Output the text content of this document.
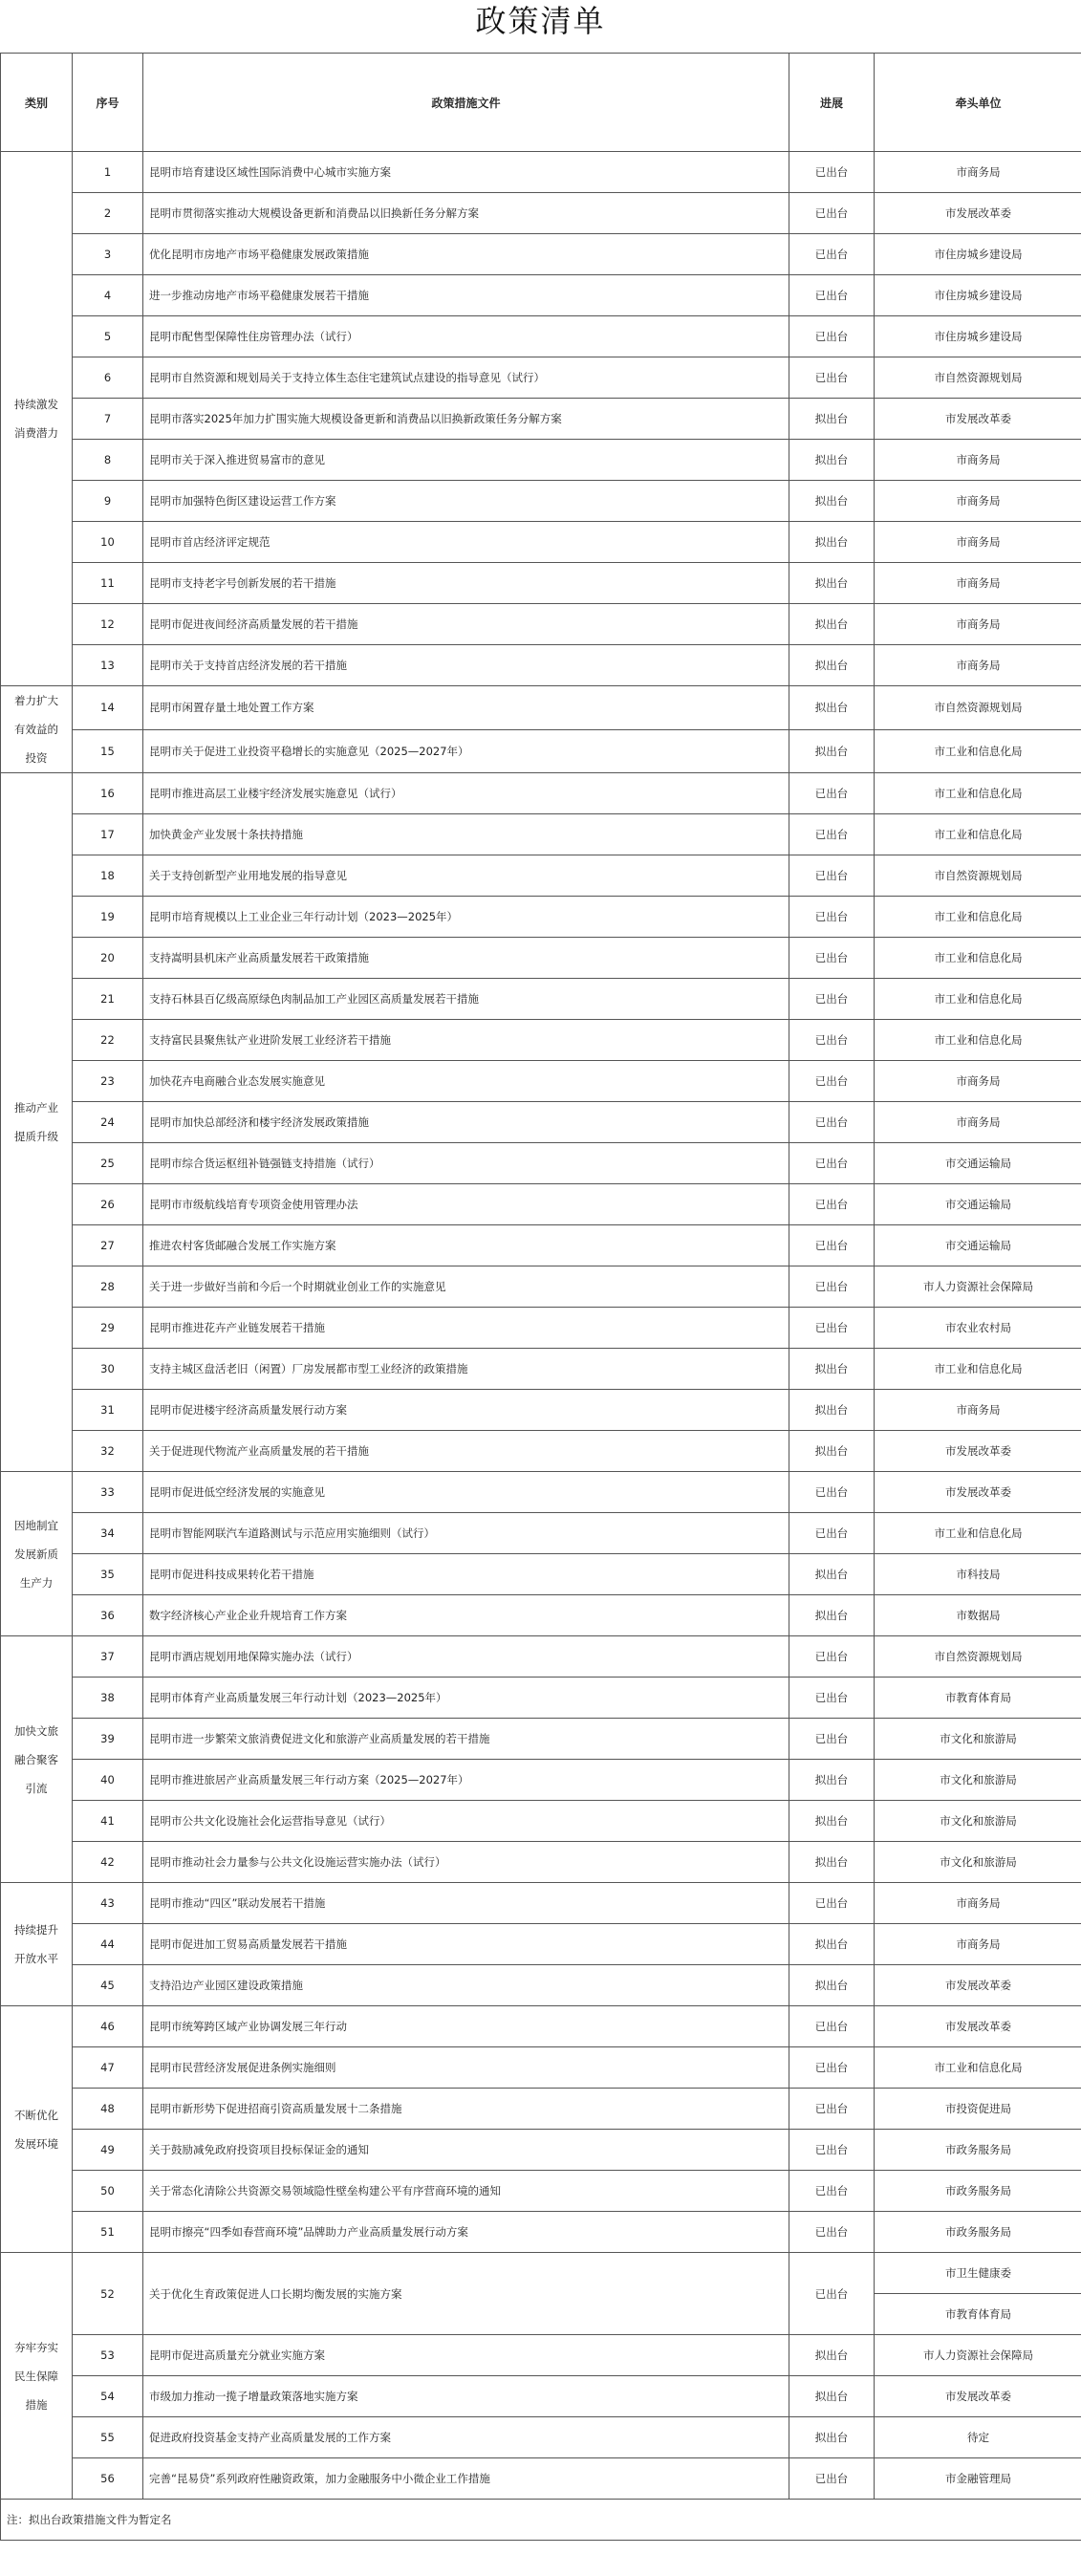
政策清单
类别	序号	政策措施文件	进展	牵头单位	
持续激发
消费潜力	1	昆明市培育建设区域性国际消费中心城市实施方案	已出台	市商务局	
	2	昆明市贯彻落实推动大规模设备更新和消费品以旧换新任务分解方案	已出台	市发展改革委	
	3	优化昆明市房地产市场平稳健康发展政策措施	已出台	市住房城乡建设局	
	4	进一步推动房地产市场平稳健康发展若干措施	已出台	市住房城乡建设局	
	5	昆明市配售型保障性住房管理办法（试行）	已出台	市住房城乡建设局	
	6	昆明市自然资源和规划局关于支持立体生态住宅建筑试点建设的指导意见（试行）	已出台	市自然资源规划局	
	7	昆明市落实2025年加力扩围实施大规模设备更新和消费品以旧换新政策任务分解方案	拟出台	市发展改革委	
	8	昆明市关于深入推进贸易富市的意见	拟出台	市商务局	
	9	昆明市加强特色街区建设运营工作方案	拟出台	市商务局	
	10	昆明市首店经济评定规范	拟出台	市商务局	
	11	昆明市支持老字号创新发展的若干措施	拟出台	市商务局	
	12	昆明市促进夜间经济高质量发展的若干措施	拟出台	市商务局	
	13	昆明市关于支持首店经济发展的若干措施	拟出台	市商务局	
着力扩大
有效益的
投资	14	昆明市闲置存量土地处置工作方案	拟出台	市自然资源规划局	
	15	昆明市关于促进工业投资平稳增长的实施意见（2025—2027年）	拟出台	市工业和信息化局	
推动产业
提质升级	16	昆明市推进高层工业楼宇经济发展实施意见（试行）	已出台	市工业和信息化局	
	17	加快黄金产业发展十条扶持措施	已出台	市工业和信息化局	
	18	关于支持创新型产业用地发展的指导意见	已出台	市自然资源规划局	
	19	昆明市培育规模以上工业企业三年行动计划（2023—2025年）	已出台	市工业和信息化局	
	20	支持嵩明县机床产业高质量发展若干政策措施	已出台	市工业和信息化局	
	21	支持石林县百亿级高原绿色肉制品加工产业园区高质量发展若干措施	已出台	市工业和信息化局	
	22	支持富民县聚焦钛产业进阶发展工业经济若干措施	已出台	市工业和信息化局	
	23	加快花卉电商融合业态发展实施意见	已出台	市商务局	
	24	昆明市加快总部经济和楼宇经济发展政策措施	已出台	市商务局	
	25	昆明市综合货运枢纽补链强链支持措施（试行）	已出台	市交通运输局	
	26	昆明市市级航线培育专项资金使用管理办法	已出台	市交通运输局	
	27	推进农村客货邮融合发展工作实施方案	已出台	市交通运输局	
	28	关于进一步做好当前和今后一个时期就业创业工作的实施意见	已出台	市人力资源社会保障局	
	29	昆明市推进花卉产业链发展若干措施	已出台	市农业农村局	
	30	支持主城区盘活老旧（闲置）厂房发展都市型工业经济的政策措施	拟出台	市工业和信息化局	
	31	昆明市促进楼宇经济高质量发展行动方案	拟出台	市商务局	
	32	关于促进现代物流产业高质量发展的若干措施	拟出台	市发展改革委	
因地制宜
发展新质
生产力	33	昆明市促进低空经济发展的实施意见	已出台	市发展改革委	
	34	昆明市智能网联汽车道路测试与示范应用实施细则（试行）	已出台	市工业和信息化局	
	35	昆明市促进科技成果转化若干措施	拟出台	市科技局	
	36	数字经济核心产业企业升规培育工作方案	拟出台	市数据局	
加快文旅
融合聚客
引流	37	昆明市酒店规划用地保障实施办法（试行）	已出台	市自然资源规划局	
	38	昆明市体育产业高质量发展三年行动计划（2023—2025年）	已出台	市教育体育局	
	39	昆明市进一步繁荣文旅消费促进文化和旅游产业高质量发展的若干措施	已出台	市文化和旅游局	
	40	昆明市推进旅居产业高质量发展三年行动方案（2025—2027年）	拟出台	市文化和旅游局	
	41	昆明市公共文化设施社会化运营指导意见（试行）	拟出台	市文化和旅游局	
	42	昆明市推动社会力量参与公共文化设施运营实施办法（试行）	拟出台	市文化和旅游局	
持续提升
开放水平	43	昆明市推动“四区”联动发展若干措施	已出台	市商务局	
	44	昆明市促进加工贸易高质量发展若干措施	拟出台	市商务局	
	45	支持沿边产业园区建设政策措施	拟出台	市发展改革委	
不断优化
发展环境	46	昆明市统筹跨区域产业协调发展三年行动	已出台	市发展改革委	
	47	昆明市民营经济发展促进条例实施细则	已出台	市工业和信息化局	
	48	昆明市新形势下促进招商引资高质量发展十二条措施	已出台	市投资促进局	
	49	关于鼓励减免政府投资项目投标保证金的通知	已出台	市政务服务局	
	50	关于常态化清除公共资源交易领域隐性壁垒构建公平有序营商环境的通知	已出台	市政务服务局	
	51	昆明市擦亮“四季如春营商环境”品牌助力产业高质量发展行动方案	已出台	市政务服务局	
夯牢夯实
民生保障
措施	52	关于优化生育政策促进人口长期均衡发展的实施方案	已出台	市卫生健康委	
				市教育体育局	
	53	昆明市促进高质量充分就业实施方案	拟出台	市人力资源社会保障局	
	54	市级加力推动一揽子增量政策落地实施方案	拟出台	市发展改革委	
	55	促进政府投资基金支持产业高质量发展的工作方案	拟出台	待定	
	56	完善“昆易贷”系列政府性融资政策，加力金融服务中小微企业工作措施	已出台	市金融管理局	
注：拟出台政策措施文件为暂定名					
